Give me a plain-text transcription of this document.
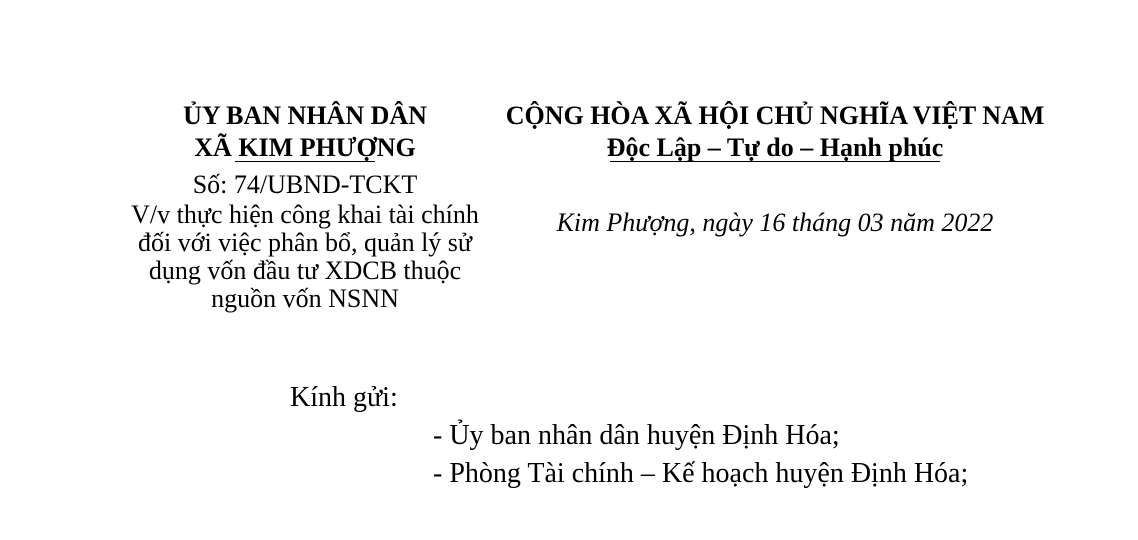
ỦY BAN NHÂN DÂN
XÃ KIM PHƯỢNG
Số: 74/UBND-TCKT
V/v thực hiện công khai tài chính
đối với việc phân bổ, quản lý sử
dụng vốn đầu tư XDCB thuộc
nguồn vốn NSNN
CỘNG HÒA XÃ HỘI CHỦ NGHĨA VIỆT NAM
Độc Lập – Tự do – Hạnh phúc
Kim Phượng, ngày 16 tháng 03 năm 2022
Kính gửi:
- Ủy ban nhân dân huyện Định Hóa;
- Phòng Tài chính – Kế hoạch huyện Định Hóa;
